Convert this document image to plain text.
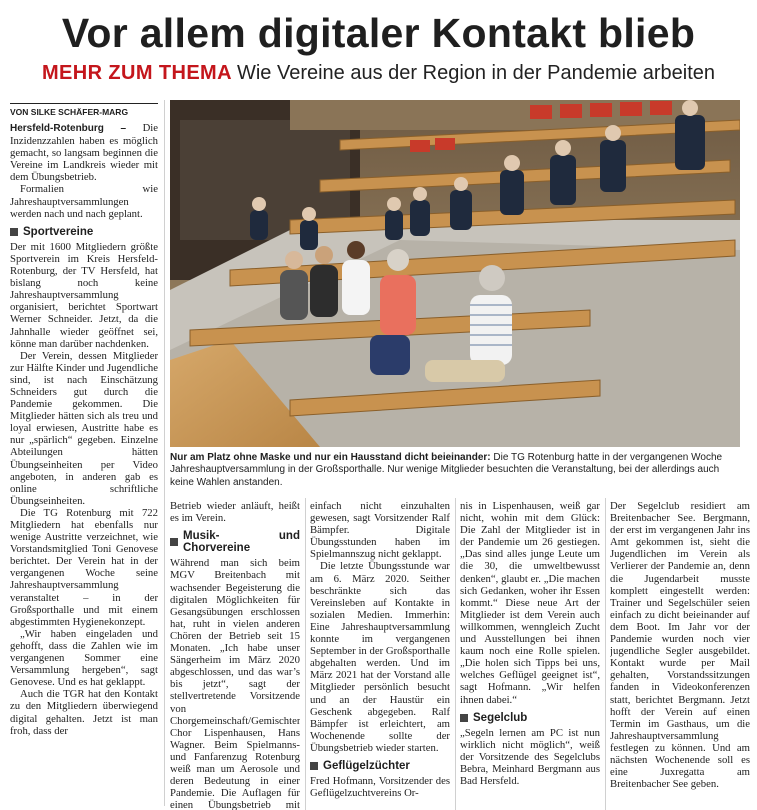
Vor allem digitaler Kontakt blieb
MEHR ZUM THEMA Wie Vereine aus der Region in der Pandemie arbeiten
VON SILKE SCHÄFER-MARG

Hersfeld-Rotenburg – Die Inzidenzzahlen haben es möglich gemacht, so langsam beginnen die Vereine im Landkreis wieder mit dem Übungsbetrieb.

Formalien wie Jahreshauptversammlungen werden nach und nach geplant.

Sportvereine

Der mit 1600 Mitgliedern größte Sportverein im Kreis Hersfeld-Rotenburg, der TV Hersfeld, hat bislang noch keine Jahreshauptversammlung organisiert, berichtet Sportwart Werner Schneider. Jetzt, da die Jahnhalle wieder geöffnet sei, könne man darüber nachdenken.

Der Verein, dessen Mitglieder zur Hälfte Kinder und Jugendliche sind, ist nach Einschätzung Schneiders gut durch die Pandemie gekommen. Die Mitglieder hätten sich als treu und loyal erwiesen, Austritte habe es nur „spärlich“ gegeben. Einzelne Abteilungen hätten Übungseinheiten per Video angeboten, in anderen gab es online schriftliche Übungseinheiten.

Die TG Rotenburg mit 722 Mitgliedern hat ebenfalls nur wenige Austritte verzeichnet, wie Vorstandsmitglied Toni Genovese berichtet. Der Verein hat in der vergangenen Woche seine Jahreshauptversammlung veranstaltet – in der Großsporthalle und mit einem abgestimmten Hygienekonzept.

„Wir haben eingeladen und gehofft, dass die Zahlen wie im vergangenen Sommer eine Versammlung hergeben“, sagt Genovese. Und es hat geklappt.

Auch die TGR hat den Kontakt zu den Mitgliedern überwiegend digital gehalten. Jetzt ist man froh, dass der

Nur am Platz ohne Maske und nur ein Hausstand dicht beieinander: Die TG Rotenburg hatte in der vergangenen Woche Jahreshauptversammlung in der Großsporthalle. Nur wenige Mitglieder besuchten die Veranstaltung, bei der allerdings auch keine Wahlen anstanden.

Betrieb wieder anläuft, heißt es im Verein.

Musik- und Chorvereine

Während man sich beim MGV Breitenbach mit wachsender Begeisterung die digitalen Möglichkeiten für Gesangsübungen erschlossen hat, ruht in vielen anderen Chören der Betrieb seit 15 Monaten. „Ich habe unser Sängerheim im März 2020 abgeschlossen, und das war’s bis jetzt“, sagt der stellvertretende Vorsitzende von Chorgemeinschaft/Gemischter Chor Lispenhausen, Hans Wagner. Beim Spielmanns- und Fanfarenzug Rotenburg weiß man um Aerosole und deren Bedeutung in einer Pandemie. Die Auflagen für einen Übungsbetrieb mit

einfach nicht einzuhalten gewesen, sagt Vorsitzender Ralf Bämpfer. Digitale Übungsstunden haben im Spielmannszug nicht geklappt.

Die letzte Übungsstunde war am 6. März 2020. Seither beschränkte sich das Vereinsleben auf Kontakte in sozialen Medien. Immerhin: Eine Jahreshauptversammlung konnte im vergangenen September in der Großsporthalle abgehalten werden. Und im März 2021 hat der Vorstand alle Mitglieder persönlich besucht und an der Haustür ein Geschenk abgegeben. Ralf Bämpfer ist erleichtert, am Wochenende sollte der Übungsbetrieb wieder starten.

Geflügelzüchter

Fred Hofmann, Vorsitzender des Geflügelzuchtvereins Or-

nis in Lispenhausen, weiß gar nicht, wohin mit dem Glück: Die Zahl der Mitglieder ist in der Pandemie um 26 gestiegen. „Das sind alles junge Leute um die 30, die umweltbewusst denken“, glaubt er. „Die machen sich Gedanken, woher ihr Essen kommt.“ Diese neue Art der Mitglieder ist dem Verein auch willkommen, wenngleich Zucht und Ausstellungen bei ihnen kaum noch eine Rolle spielen. „Die holen sich Tipps bei uns, welches Geflügel geeignet ist“, sagt Hofmann. „Wir helfen ihnen dabei.“

Segelclub

„Segeln lernen am PC ist nun wirklich nicht möglich“, weiß der Vorsitzende des Segelclubs Bebra, Meinhard Bergmann aus Bad Hersfeld.

Der Segelclub residiert am Breitenbacher See. Bergmann, der erst im vergangenen Jahr ins Amt gekommen ist, sieht die Jugendlichen im Verein als Verlierer der Pandemie an, denn die Jugendarbeit musste komplett eingestellt werden: Trainer und Segelschüler seien einfach zu dicht beieinander auf dem Boot. Im Jahr vor der Pandemie wurden noch vier jugendliche Segler ausgebildet. Kontakt wurde per Mail gehalten, Vorstandssitzungen fanden in Videokonferenzen statt, berichtet Bergmann. Jetzt hofft der Verein auf einen Termin im Gasthaus, um die Jahreshauptversammlung festlegen zu können. Und am nächsten Wochenende soll es eine Juxregatta am Breitenbacher See geben.
